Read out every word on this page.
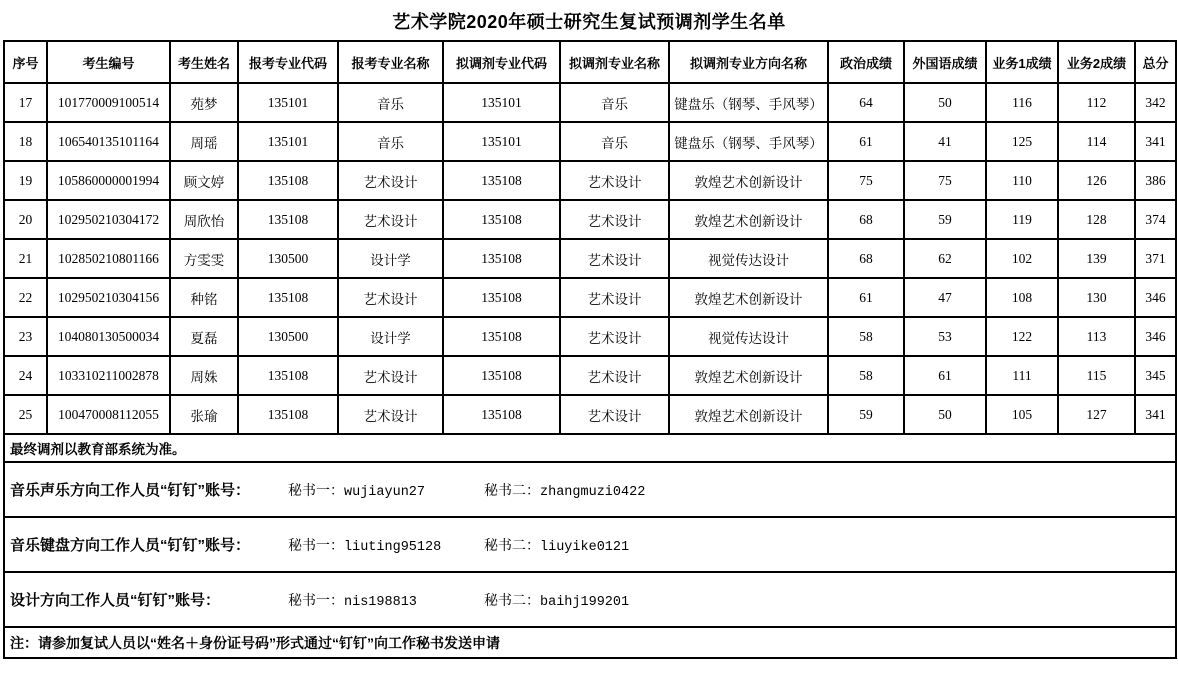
艺术学院2020年硕士研究生复试预调剂学生名单
序号	考生编号	考生姓名	报考专业代码	报考专业名称	拟调剂专业代码	拟调剂专业名称	拟调剂专业方向名称	政治成绩	外国语成绩	业务1成绩	业务2成绩	总分
17	101770009100514	苑梦	135101	音乐	135101	音乐	键盘乐（钢琴、手风琴）	64	50	116	112	342
18	106540135101164	周瑶	135101	音乐	135101	音乐	键盘乐（钢琴、手风琴）	61	41	125	114	341
19	105860000001994	顾文婷	135108	艺术设计	135108	艺术设计	敦煌艺术创新设计	75	75	110	126	386
20	102950210304172	周欣怡	135108	艺术设计	135108	艺术设计	敦煌艺术创新设计	68	59	119	128	374
21	102850210801166	方雯雯	130500	设计学	135108	艺术设计	视觉传达设计	68	62	102	139	371
22	102950210304156	种铭	135108	艺术设计	135108	艺术设计	敦煌艺术创新设计	61	47	108	130	346
23	104080130500034	夏磊	130500	设计学	135108	艺术设计	视觉传达设计	58	53	122	113	346
24	103310211002878	周姝	135108	艺术设计	135108	艺术设计	敦煌艺术创新设计	58	61	111	115	345
25	100470008112055	张瑜	135108	艺术设计	135108	艺术设计	敦煌艺术创新设计	59	50	105	127	341
最终调剂以教育部系统为准。												
音乐声乐方向工作人员“钉钉”账号： 秘书一：wujiayun27 秘书二：zhangmuzi0422												
音乐键盘方向工作人员“钉钉”账号： 秘书一：liuting95128 秘书二：liuyike0121												
设计方向工作人员“钉钉”账号： 秘书一：nis198813 秘书二：baihj199201												
注：请参加复试人员以“姓名＋身份证号码”形式通过“钉钉”向工作秘书发送申请												
